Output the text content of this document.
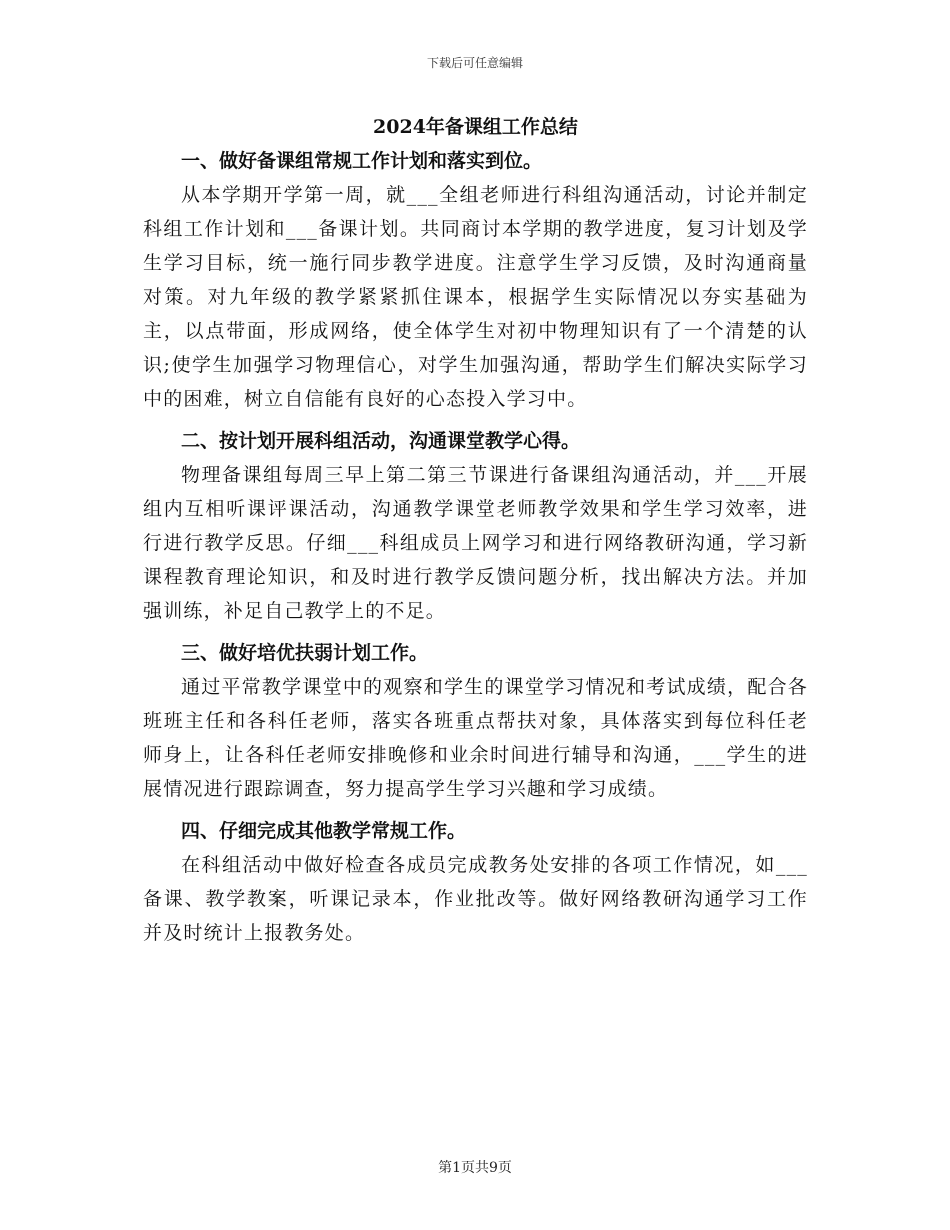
下载后可任意编辑
2024年备课组工作总结
一、做好备课组常规工作计划和落实到位。

从本学期开学第一周，就___全组老师进行科组沟通活动，讨论并制定科组工作计划和___备课计划。共同商讨本学期的教学进度，复习计划及学生学习目标，统一施行同步教学进度。注意学生学习反馈，及时沟通商量对策。对九年级的教学紧紧抓住课本，根据学生实际情况以夯实基础为主，以点带面，形成网络，使全体学生对初中物理知识有了一个清楚的认识;使学生加强学习物理信心，对学生加强沟通，帮助学生们解决实际学习中的困难，树立自信能有良好的心态投入学习中。

二、按计划开展科组活动，沟通课堂教学心得。

物理备课组每周三早上第二第三节课进行备课组沟通活动，并___开展组内互相听课评课活动，沟通教学课堂老师教学效果和学生学习效率，进行进行教学反思。仔细___科组成员上网学习和进行网络教研沟通，学习新课程教育理论知识，和及时进行教学反馈问题分析，找出解决方法。并加强训练，补足自己教学上的不足。

三、做好培优扶弱计划工作。

通过平常教学课堂中的观察和学生的课堂学习情况和考试成绩，配合各班班主任和各科任老师，落实各班重点帮扶对象，具体落实到每位科任老师身上，让各科任老师安排晚修和业余时间进行辅导和沟通，___学生的进展情况进行跟踪调查，努力提高学生学习兴趣和学习成绩。

四、仔细完成其他教学常规工作。

在科组活动中做好检查各成员完成教务处安排的各项工作情况，如___备课、教学教案，听课记录本，作业批改等。做好网络教研沟通学习工作并及时统计上报教务处。

第1页共9页
